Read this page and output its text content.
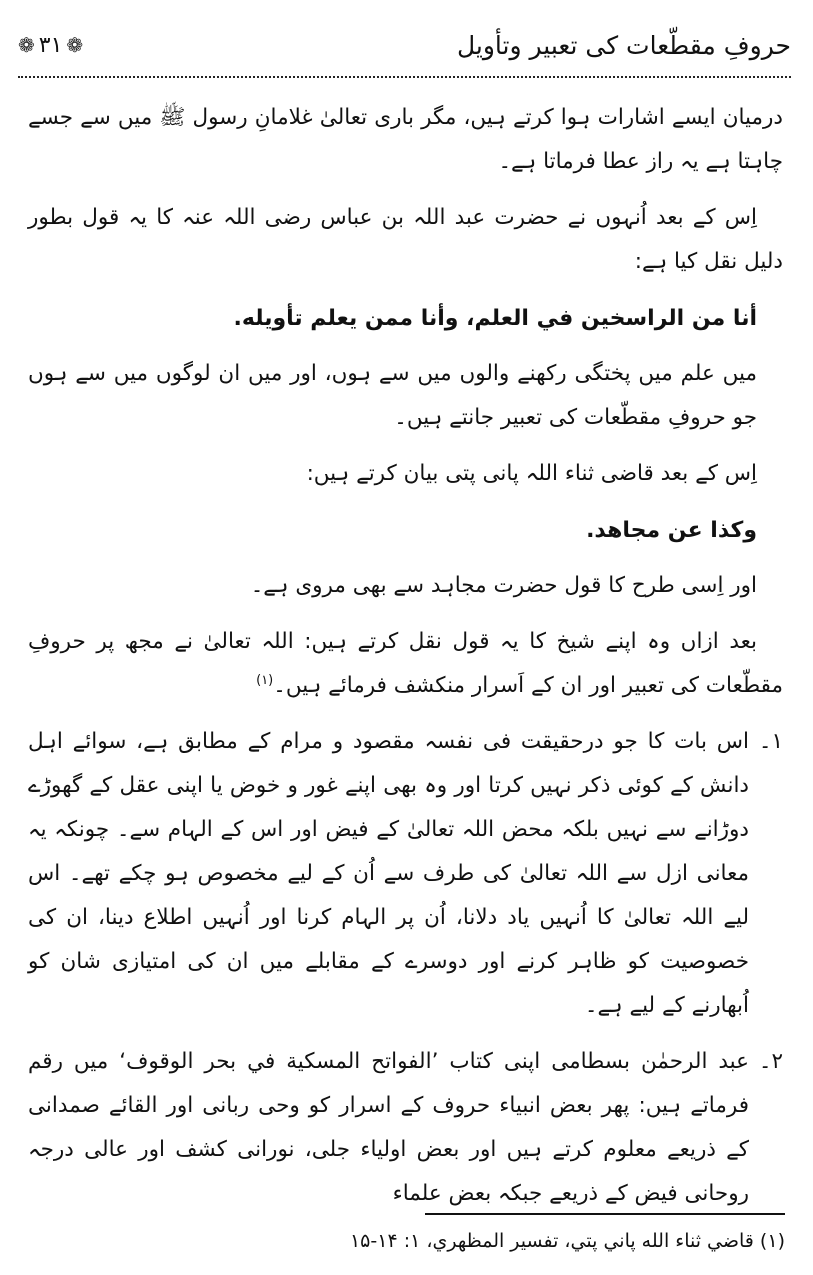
حروفِ مقطّعات کی تعبیر وتأویل
❁ ۳۱ ❁

درمیان ایسے اشارات ہوا کرتے ہیں، مگر باری تعالیٰ غلامانِ رسول ﷺ میں سے جسے چاہتا ہے یہ راز عطا فرماتا ہے۔

اِس کے بعد اُنہوں نے حضرت عبد اللہ بن عباس رضی اللہ عنہ کا یہ قول بطور دلیل نقل کیا ہے:

أنا من الراسخين في العلم، وأنا ممن يعلم تأويله.

میں علم میں پختگی رکھنے والوں میں سے ہوں، اور میں ان لوگوں میں سے ہوں جو حروفِ مقطّعات کی تعبیر جانتے ہیں۔

اِس کے بعد قاضی ثناء اللہ پانی پتی بیان کرتے ہیں:

وكذا عن مجاهد.

اور اِسی طرح کا قول حضرت مجاہد سے بھی مروی ہے۔

بعد ازاں وہ اپنے شیخ کا یہ قول نقل کرتے ہیں: اللہ تعالیٰ نے مجھ پر حروفِ مقطّعات کی تعبیر اور ان کے اَسرار منکشف فرمائے ہیں۔$^{(۱)}$

۱۔

اس بات کا جو درحقیقت فی نفسہ مقصود و مرام کے مطابق ہے، سوائے اہل دانش کے کوئی ذکر نہیں کرتا اور وہ بھی اپنے غور و خوض یا اپنی عقل کے گھوڑے دوڑانے سے نہیں بلکہ محض اللہ تعالیٰ کے فیض اور اس کے الہام سے۔ چونکہ یہ معانی ازل سے اللہ تعالیٰ کی طرف سے اُن کے لیے مخصوص ہو چکے تھے۔ اس لیے اللہ تعالیٰ کا اُنہیں یاد دلانا، اُن پر الہام کرنا اور اُنہیں اطلاع دینا، ان کی خصوصیت کو ظاہر کرنے اور دوسرے کے مقابلے میں ان کی امتیازی شان کو اُبھارنے کے لیے ہے۔

۲۔

عبد الرحمٰن بسطامی اپنی کتاب ’الفواتح المسكية في بحر الوقوف‘ میں رقم فرماتے ہیں: پھر بعض انبیاء حروف کے اسرار کو وحی ربانی اور القائے صمدانی کے ذریعے معلوم کرتے ہیں اور بعض اولیاء جلی، نورانی کشف اور عالی درجہ روحانی فیض کے ذریعے جبکہ بعض علماء

(۱) قاضي ثناء الله پاني پتي، تفسير المظهري، ۱: ۱۴-۱۵
